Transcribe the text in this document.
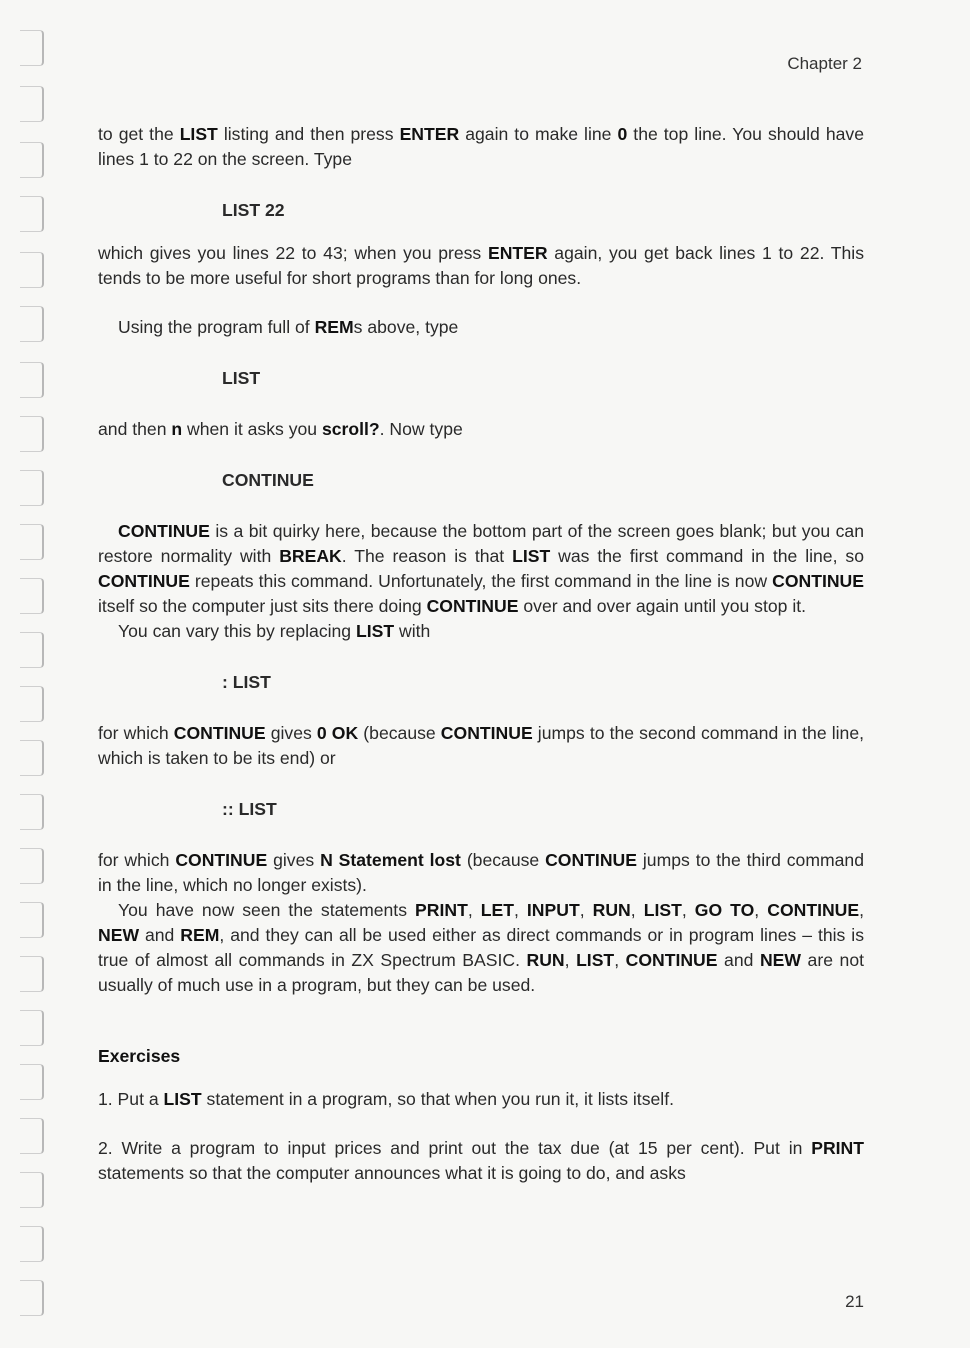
Chapter 2

to get the LIST listing and then press ENTER again to make line 0 the top line. You should have lines 1 to 22 on the screen. Type

LIST 22

which gives you lines 22 to 43; when you press ENTER again, you get back lines 1 to 22. This tends to be more useful for short programs than for long ones.

Using the program full of REMs above, type

LIST

and then n when it asks you scroll?. Now type

CONTINUE

CONTINUE is a bit quirky here, because the bottom part of the screen goes blank; but you can restore normality with BREAK. The reason is that LIST was the first command in the line, so CONTINUE repeats this command. Unfortunately, the first command in the line is now CONTINUE itself so the computer just sits there doing CONTINUE over and over again until you stop it.

You can vary this by replacing LIST with

: LIST

for which CONTINUE gives 0 OK (because CONTINUE jumps to the second command in the line, which is taken to be its end) or

:: LIST

for which CONTINUE gives N Statement lost (because CONTINUE jumps to the third command in the line, which no longer exists).

You have now seen the statements PRINT, LET, INPUT, RUN, LIST, GO TO, CONTINUE, NEW and REM, and they can all be used either as direct commands or in program lines – this is true of almost all commands in ZX Spectrum BASIC. RUN, LIST, CONTINUE and NEW are not usually of much use in a program, but they can be used.

Exercises

1. Put a LIST statement in a program, so that when you run it, it lists itself.

2. Write a program to input prices and print out the tax due (at 15 per cent). Put in PRINT statements so that the computer announces what it is going to do, and asks

21
